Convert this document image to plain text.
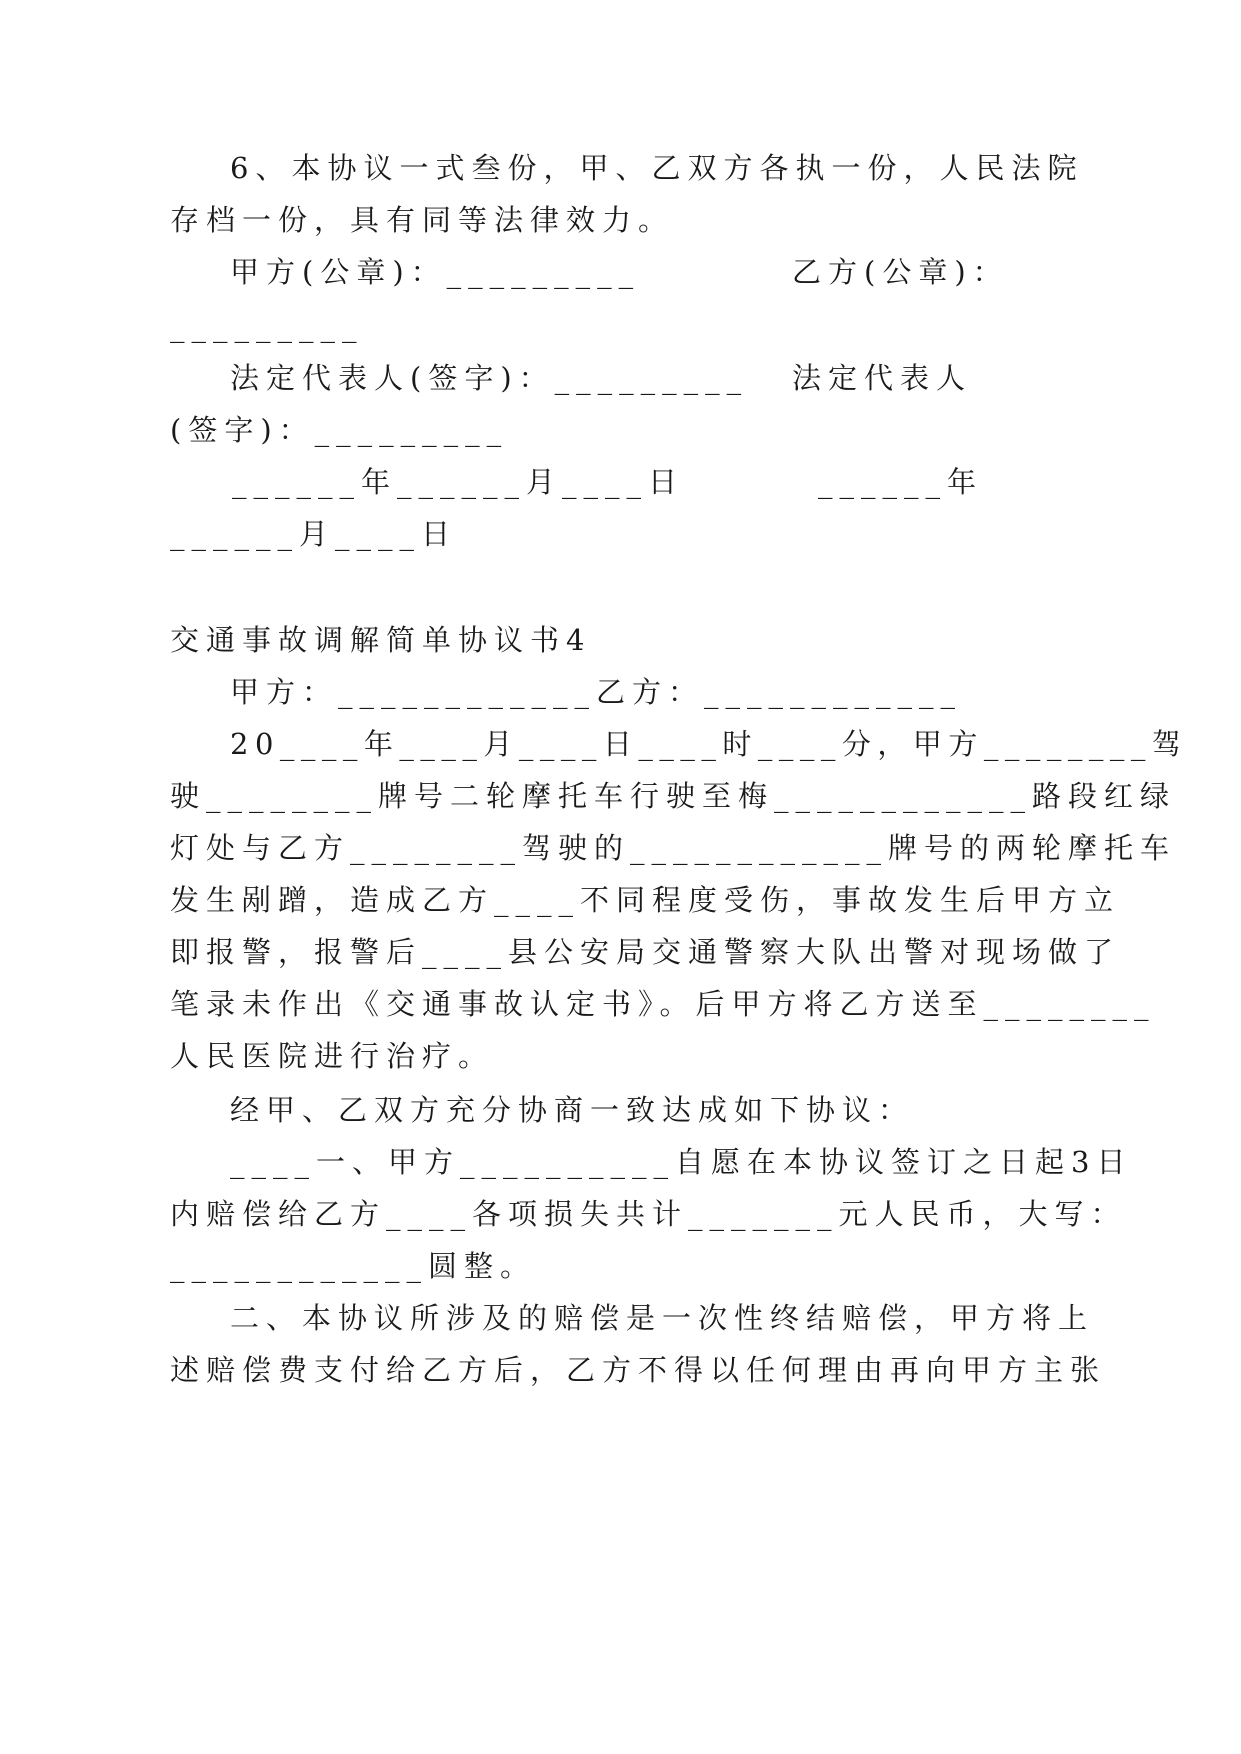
6、本协议一式叁份，甲、乙双方各执一份，人民法院
存档一份，具有同等法律效力。
甲方(公章)：_________	乙方(公章)：
_________
法定代表人(签字)：_________ 法定代表人
(签字)：_________
______年______月____日	______年
______月____日
交通事故调解简单协议书4
甲方：____________乙方：____________
20____年____月____日____时____分，甲方________驾
驶________牌号二轮摩托车行驶至梅____________路段红绿
灯处与乙方________驾驶的____________牌号的两轮摩托车
发生剐蹭，造成乙方____不同程度受伤，事故发生后甲方立
即报警，报警后____县公安局交通警察大队出警对现场做了
笔录未作出《交通事故认定书》。后甲方将乙方送至________
人民医院进行治疗。
经甲、乙双方充分协商一致达成如下协议：
____一、甲方__________自愿在本协议签订之日起3日
内赔偿给乙方____各项损失共计_______元人民币，大写：
____________圆整。
二、本协议所涉及的赔偿是一次性终结赔偿，甲方将上
述赔偿费支付给乙方后，乙方不得以任何理由再向甲方主张
